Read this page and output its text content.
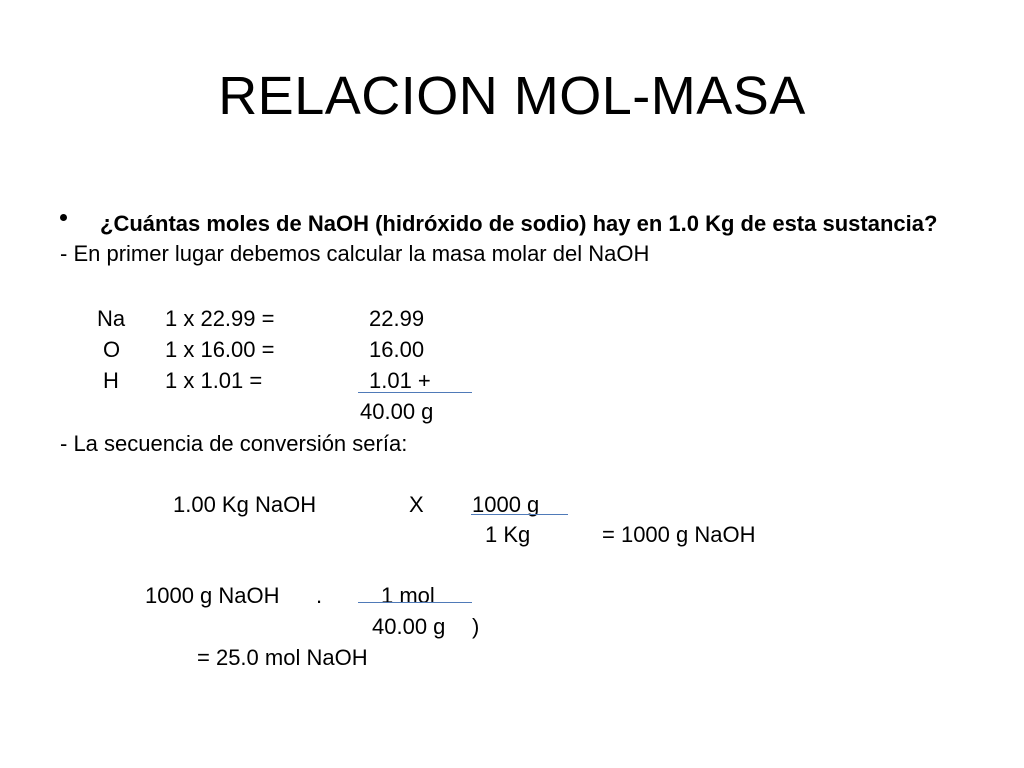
RELACION MOL-MASA
¿Cuántas moles de NaOH (hidróxido de sodio) hay en 1.0 Kg de esta sustancia?
- En primer lugar debemos calcular la masa molar del NaOH
Na 1 x 22.99 =	22.99
O 1 x 16.00 =	16.00
H 1 x 1.01 =	1.01 +
40.00 g
- La secuencia de conversión sería:
1.00 Kg NaOH	X 1000 g
1 Kg	= 1000 g NaOH
1000 g NaOH .	1 mol
40.00 g )
= 25.0 mol NaOH
